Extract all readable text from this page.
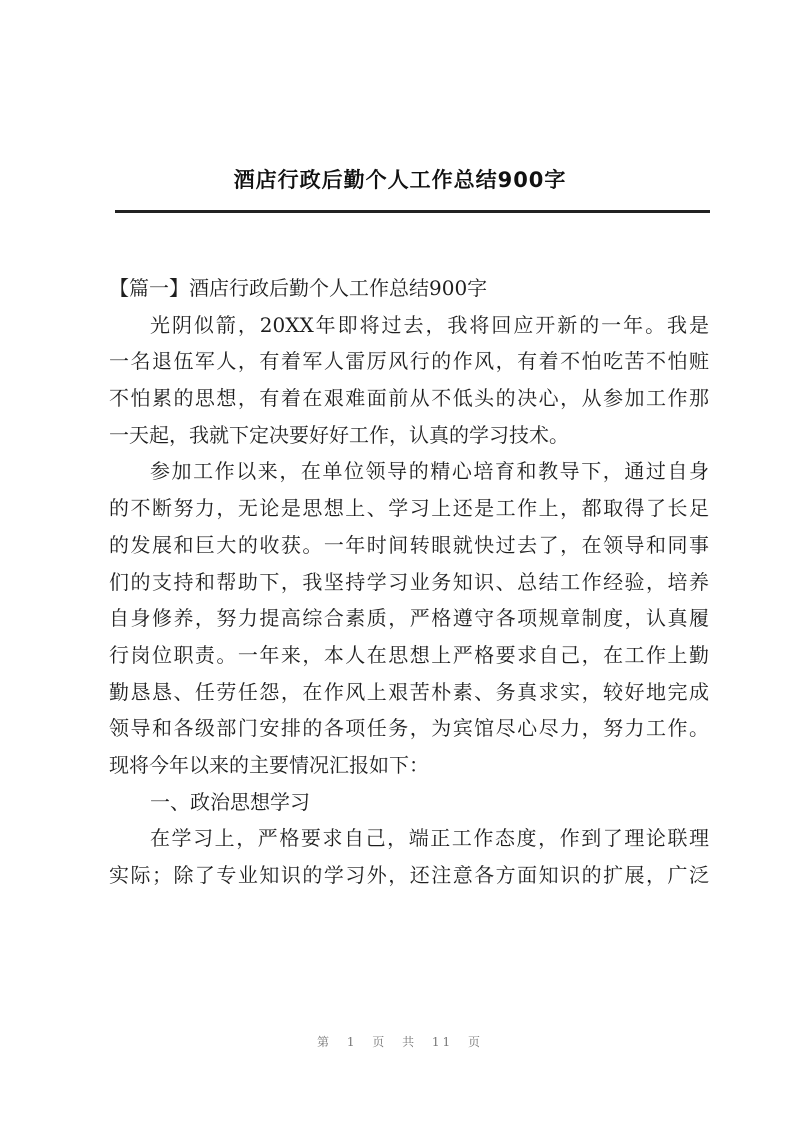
酒店行政后勤个人工作总结900字
【篇一】酒店行政后勤个人工作总结900字
光阴似箭，20XX年即将过去，我将回应开新的一年。我是
一名退伍军人，有着军人雷厉风行的作风，有着不怕吃苦不怕赃
不怕累的思想，有着在艰难面前从不低头的决心，从参加工作那
一天起，我就下定决要好好工作，认真的学习技术。
参加工作以来，在单位领导的精心培育和教导下，通过自身
的不断努力，无论是思想上、学习上还是工作上，都取得了长足
的发展和巨大的收获。一年时间转眼就快过去了，在领导和同事
们的支持和帮助下，我坚持学习业务知识、总结工作经验，培养
自身修养，努力提高综合素质，严格遵守各项规章制度，认真履
行岗位职责。一年来，本人在思想上严格要求自己，在工作上勤
勤恳恳、任劳任怨，在作风上艰苦朴素、务真求实，较好地完成
领导和各级部门安排的各项任务，为宾馆尽心尽力，努力工作。
现将今年以来的主要情况汇报如下：
一、政治思想学习
在学习上，严格要求自己，端正工作态度，作到了理论联理
实际；除了专业知识的学习外，还注意各方面知识的扩展，广泛
第 1 页 共 11 页
